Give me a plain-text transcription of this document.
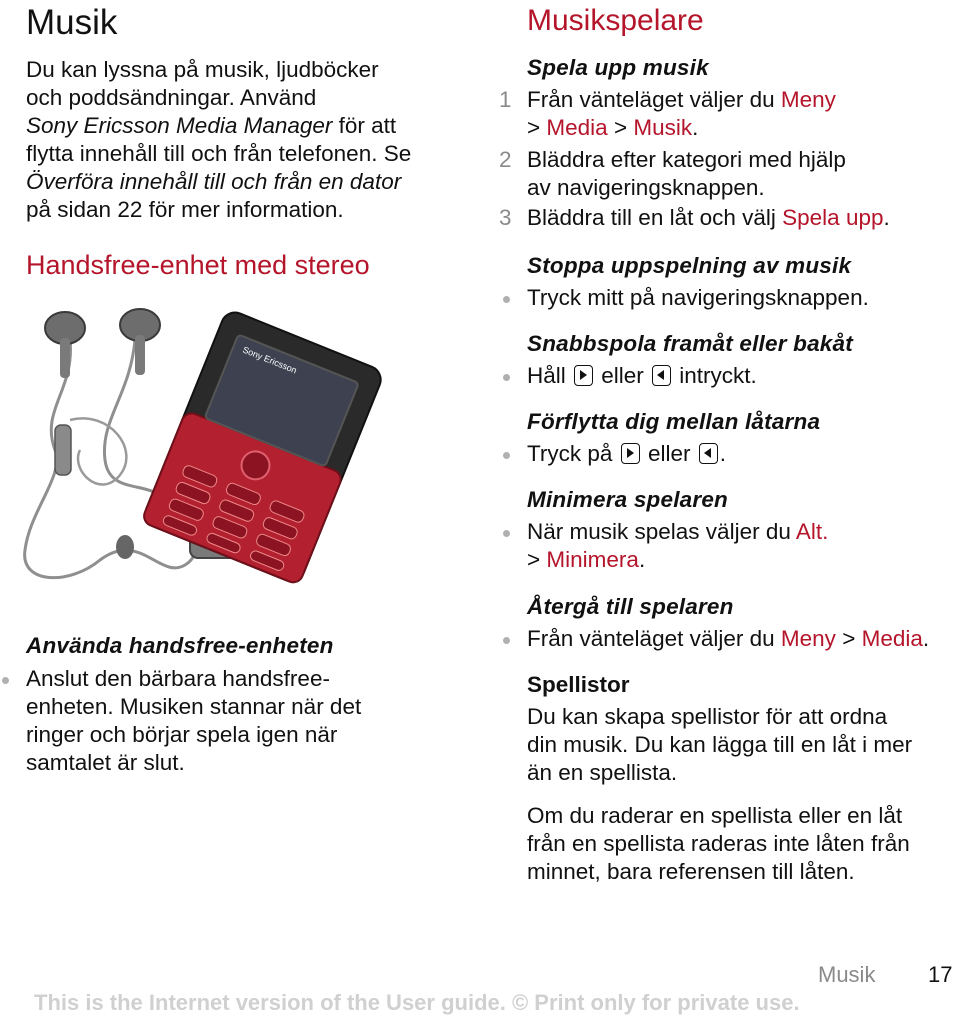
Musik
Du kan lyssna på musik, ljudböcker
och poddsändningar. Använd
Sony Ericsson Media Manager för att
flytta innehåll till och från telefonen. Se
Överföra innehåll till och från en dator
på sidan 22 för mer information.
Handsfree-enhet med stereo
Sony Ericsson
Använda handsfree-enheten
Anslut den bärbara handsfree-
enheten. Musiken stannar när det
ringer och börjar spela igen när
samtalet är slut.
Musikspelare
Spela upp musik
1 Från vänteläget väljer du Meny
> Media > Musik.
2 Bläddra efter kategori med hjälp
av navigeringsknappen.
3 Bläddra till en låt och välj Spela upp.
Stoppa uppspelning av musik
Tryck mitt på navigeringsknappen.
Snabbspola framåt eller bakåt
Håll  eller  intryckt.
Förflytta dig mellan låtarna
Tryck på  eller .
Minimera spelaren
När musik spelas väljer du Alt.
> Minimera.
Återgå till spelaren
Från vänteläget väljer du Meny > Media.
Spellistor
Du kan skapa spellistor för att ordna
din musik. Du kan lägga till en låt i mer
än en spellista.
Om du raderar en spellista eller en låt
från en spellista raderas inte låten från
minnet, bara referensen till låten.
Musik 17
This is the Internet version of the User guide. © Print only for private use.
